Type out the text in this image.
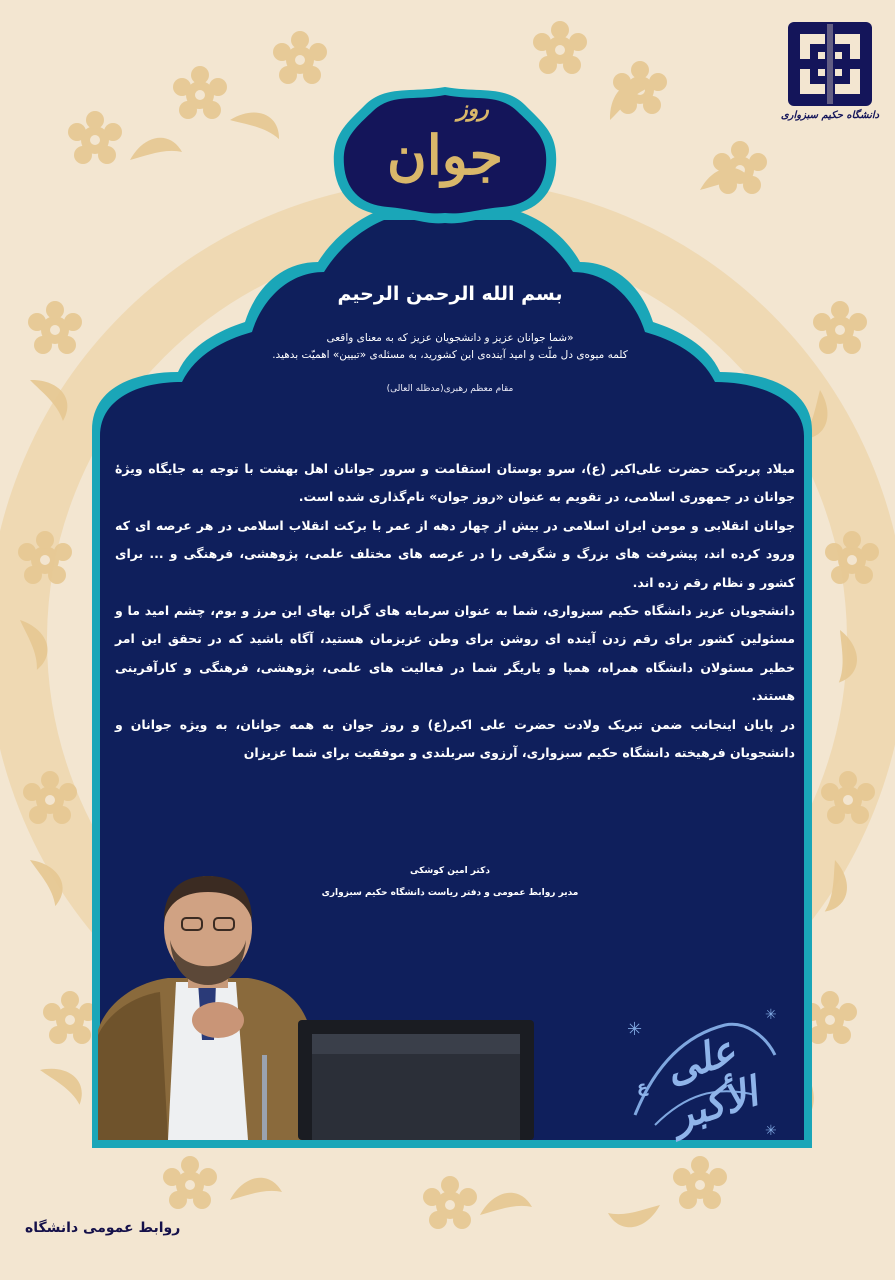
دانشگاه حکیم سبزواری
روز
جوان
بسم الله الرحمن الرحیم
«شما جوانان عزیز و دانشجویان عزیز که به معنای واقعی
کلمه میوه‌ی دل ملّت و امید آینده‌ی این کشورید، به مسئله‌ی «تبیین» اهمیّت بدهید.
مقام معظم رهبری(مدظله العالی)

میلاد پربرکت حضرت علی‌اکبر (ع)، سرو بوستان استقامت و سرور جوانان اهل بهشت با توجه به جایگاه ویژهٔ جوانان در جمهوری اسلامی، در تقویم به عنوان «روز جوان» نام‌گذاری شده است.

جوانان انقلابی و مومن ایران اسلامی در بیش از چهار دهه از عمر با برکت انقلاب اسلامی در هر عرصه ای که ورود کرده اند، پیشرفت های بزرگ و شگرفی را در عرصه های مختلف علمی، پژوهشی، فرهنگی و ... برای کشور و نظام رقم زده اند.

دانشجویان عزیز دانشگاه حکیم سبزواری، شما به عنوان سرمایه های گران بهای این مرز و بوم، چشم امید ما و مسئولین کشور برای رقم زدن آینده ای روشن برای وطن عزیزمان هستید، آگاه باشید که در تحقق این امر خطیر مسئولان دانشگاه همراه، همپا و یاریگر شما در فعالیت های علمی، پژوهشی، فرهنگی و کارآفرینی هستند.

در پایان اینجانب ضمن تبریک ولادت حضرت علی اکبر(ع) و روز جوان به همه جوانان، به ویژه جوانان و دانشجویان فرهیخته دانشگاه حکیم سبزواری، آرزوی سربلندی و موفقیت برای شما عزیزان

دکتر امین کوشکی
مدیر روابط عمومی و دفتر ریاست دانشگاه حکیم سبزواری
✳
✳
✳
علی الأکبر
ع
روابط عمومی دانشگاه
